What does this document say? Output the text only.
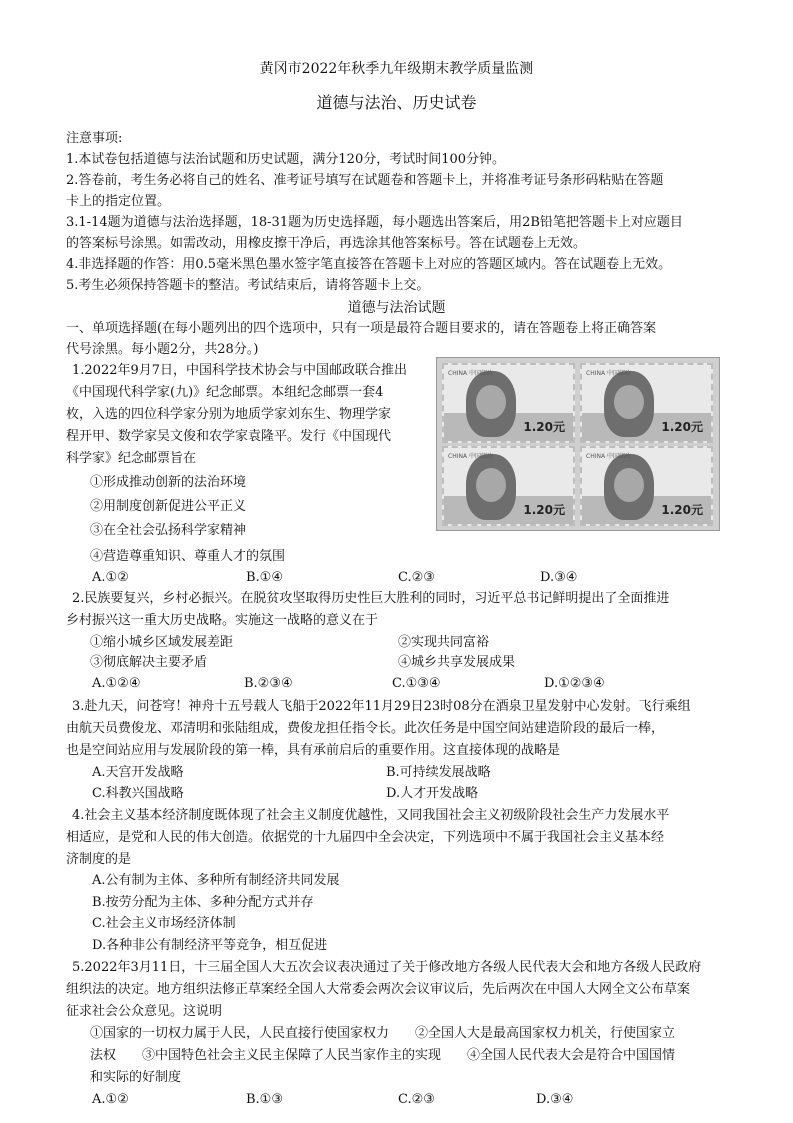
黄冈市2022年秋季九年级期末教学质量监测
道德与法治、历史试卷
注意事项:
1.本试卷包括道德与法治试题和历史试题，满分120分，考试时间100分钟。
2.答卷前，考生务必将自己的姓名、准考证号填写在试题卷和答题卡上，并将准考证号条形码粘贴在答题
卡上的指定位置。
3.1-14题为道德与法治选择题，18-31题为历史选择题，每小题选出答案后，用2B铅笔把答题卡上对应题目
的答案标号涂黑。如需改动，用橡皮擦干净后，再选涂其他答案标号。答在试题卷上无效。
4.非选择题的作答：用0.5毫米黑色墨水签字笔直接答在答题卡上对应的答题区域内。答在试题卷上无效。
5.考生必须保持答题卡的整洁。考试结束后，请将答题卡上交。
道德与法治试题
一、单项选择题(在每小题列出的四个选项中，只有一项是最符合题目要求的，请在答题卷上将正确答案
代号涂黑。每小题2分，共28分。)
1.2022年9月7日，中国科学技术协会与中国邮政联合推出
《中国现代科学家(九)》纪念邮票。本组纪念邮票一套4
枚，入选的四位科学家分别为地质学家刘东生、物理学家
程开甲、数学家吴文俊和农学家袁隆平。发行《中国现代
科学家》纪念邮票旨在
①形成推动创新的法治环境
②用制度创新促进公平正义
③在全社会弘扬科学家精神
④营造尊重知识、尊重人才的氛围
A.①②	B.①④	C.②③	D.③④
CHINA 中国邮政
1.20元
CHINA 中国邮政
1.20元
CHINA 中国邮政
1.20元
CHINA 中国邮政
1.20元
2.民族要复兴，乡村必振兴。在脱贫攻坚取得历史性巨大胜利的同时，习近平总书记鲜明提出了全面推进
乡村振兴这一重大历史战略。实施这一战略的意义在于
①缩小城乡区域发展差距	②实现共同富裕
③彻底解决主要矛盾	④城乡共享发展成果
A.①②④	B.②③④	C.①③④	D.①②③④
3.赴九天，问苍穹！神舟十五号载人飞船于2022年11月29日23时08分在酒泉卫星发射中心发射。飞行乘组
由航天员费俊龙、邓清明和张陆组成，费俊龙担任指令长。此次任务是中国空间站建造阶段的最后一棒，
也是空间站应用与发展阶段的第一棒，具有承前启后的重要作用。这直接体现的战略是
A.天宫开发战略	B.可持续发展战略
C.科教兴国战略	D.人才开发战略
4.社会主义基本经济制度既体现了社会主义制度优越性，又同我国社会主义初级阶段社会生产力发展水平
相适应，是党和人民的伟大创造。依据党的十九届四中全会决定，下列选项中不属于我国社会主义基本经
济制度的是
A.公有制为主体、多种所有制经济共同发展
B.按劳分配为主体、多种分配方式并存
C.社会主义市场经济体制
D.各种非公有制经济平等竞争，相互促进
5.2022年3月11日，十三届全国人大五次会议表决通过了关于修改地方各级人民代表大会和地方各级人民政府
组织法的决定。地方组织法修正草案经全国人大常委会两次会议审议后，先后两次在中国人大网全文公布草案
征求社会公众意见。这说明
①国家的一切权力属于人民，人民直接行使国家权力　　②全国人大是最高国家权力机关，行使国家立
法权　　③中国特色社会主义民主保障了人民当家作主的实现　　④全国人民代表大会是符合中国国情
和实际的好制度
A.①②	B.①③	C.②③	D.③④
